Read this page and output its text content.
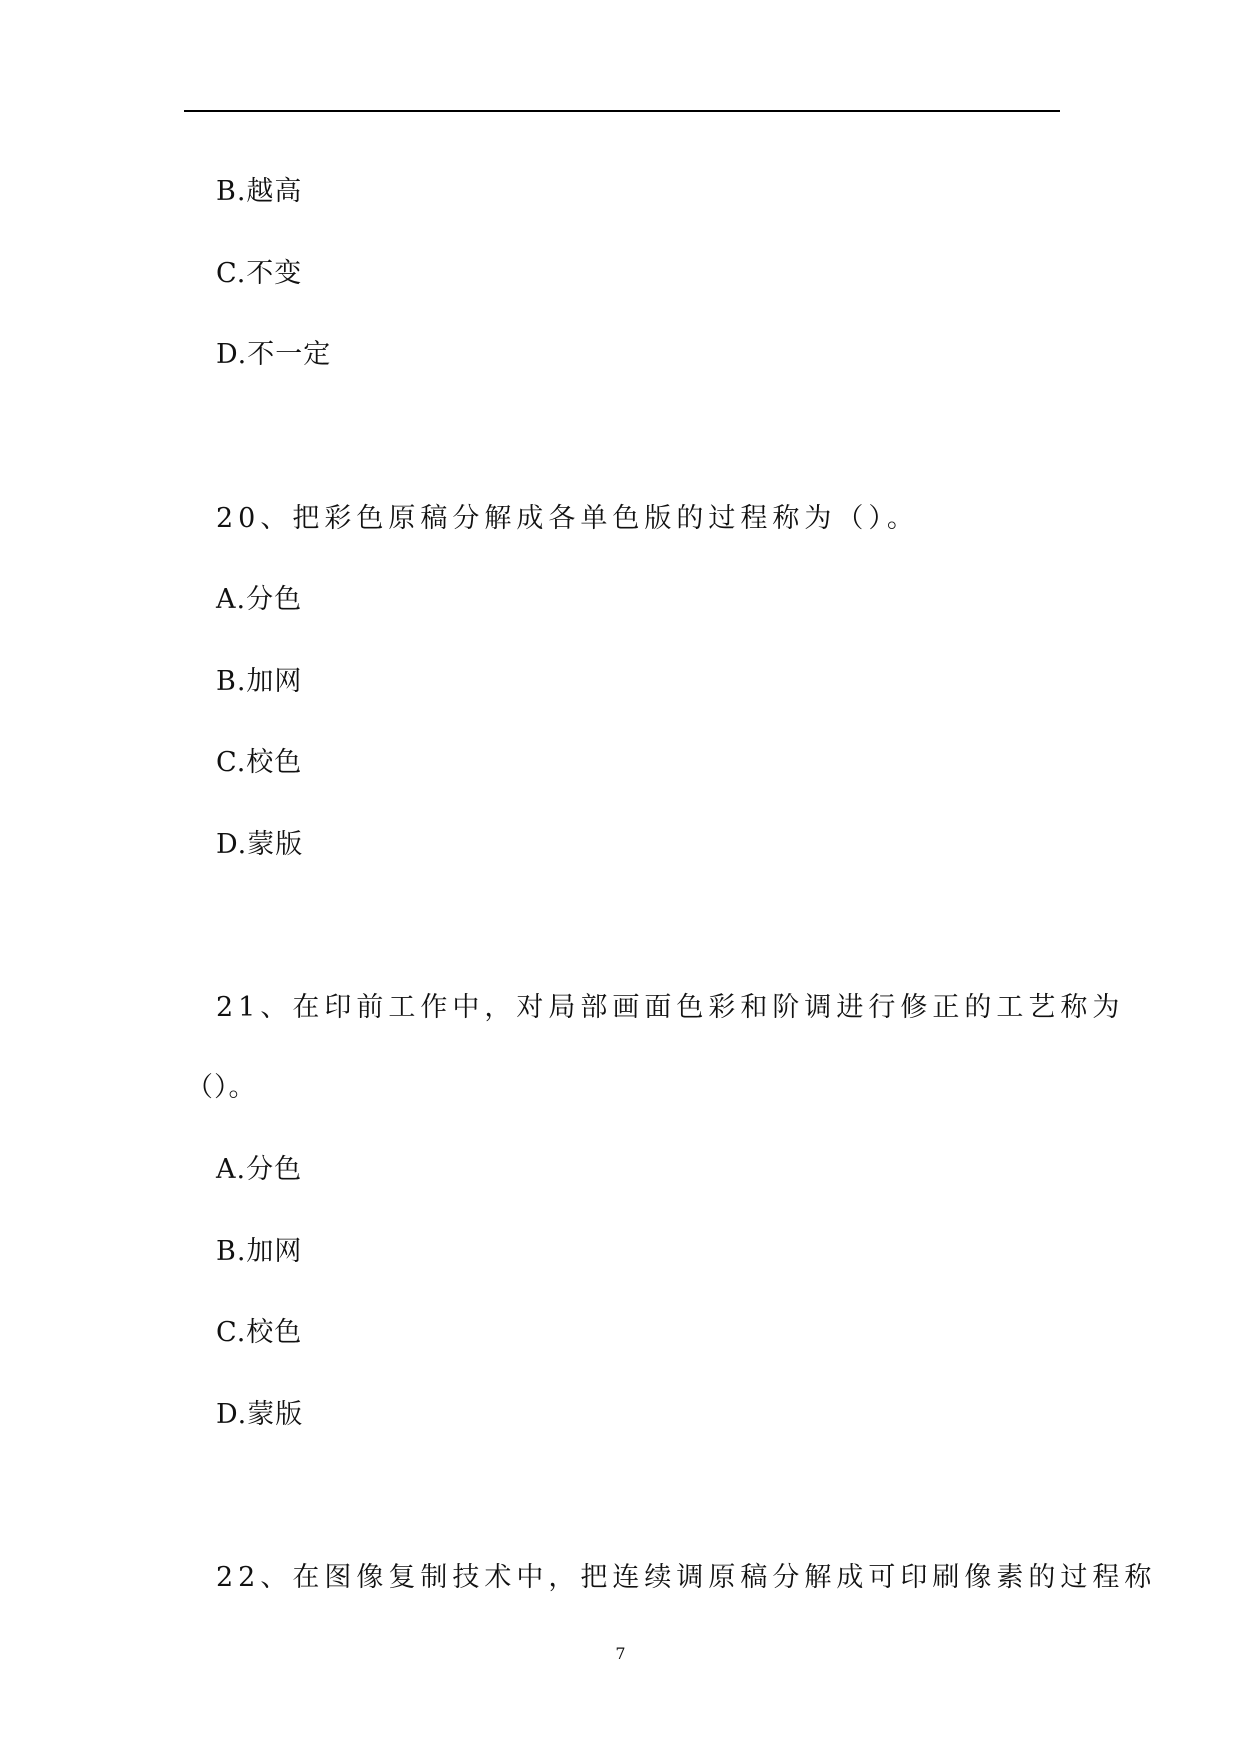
B.越高
C.不变
D.不一定
20、把彩色原稿分解成各单色版的过程称为（）。
A.分色
B.加网
C.校色
D.蒙版
21、在印前工作中，对局部画面色彩和阶调进行修正的工艺称为
（）。
A.分色
B.加网
C.校色
D.蒙版
22、在图像复制技术中，把连续调原稿分解成可印刷像素的过程称
7
